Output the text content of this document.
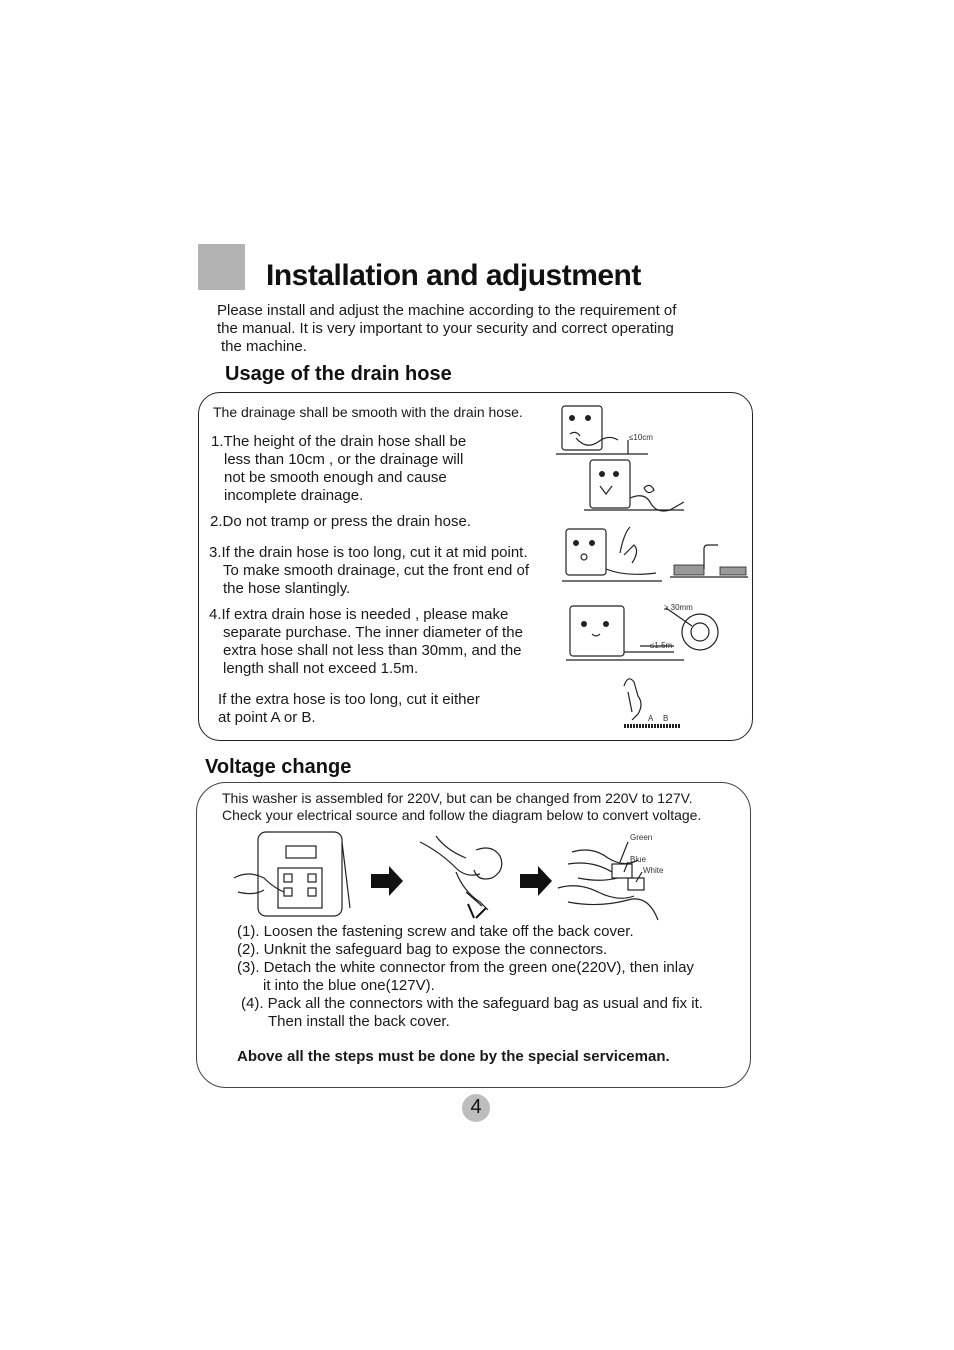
Installation and adjustment
Please install and adjust the machine according to the requirement of
the manual. It is very important to your security and correct operating
the machine.
Usage of the drain hose
The drainage shall be smooth with the drain hose.
1.The height of the drain hose shall be
less than 10cm , or the drainage will
not be smooth enough and cause
incomplete drainage.
2.Do not tramp or press the drain hose.
3.If the drain hose is too long, cut it at mid point.
To make smooth drainage, cut the front end of
the hose slantingly.
4.If extra drain hose is needed , please make
separate purchase. The inner diameter of the
extra hose shall not less than 30mm, and the
length shall not exceed 1.5m.
If the extra hose is too long, cut it either
at point A or B.
≤10cm
≤1.5m
≥ 30mm
A B
Voltage change
This washer is assembled for 220V, but can be changed from 220V to 127V.
Check your electrical source and follow the diagram below to convert voltage.
Green
Blue
White
(1). Loosen the fastening screw and take off the back cover.
(2). Unknit the safeguard bag to expose the connectors.
(3). Detach the white connector from the green one(220V), then inlay
it into the blue one(127V).
(4). Pack all the connectors with the safeguard bag as usual and fix it.
Then install the back cover.
Above all the steps must be done by the special serviceman.
4
